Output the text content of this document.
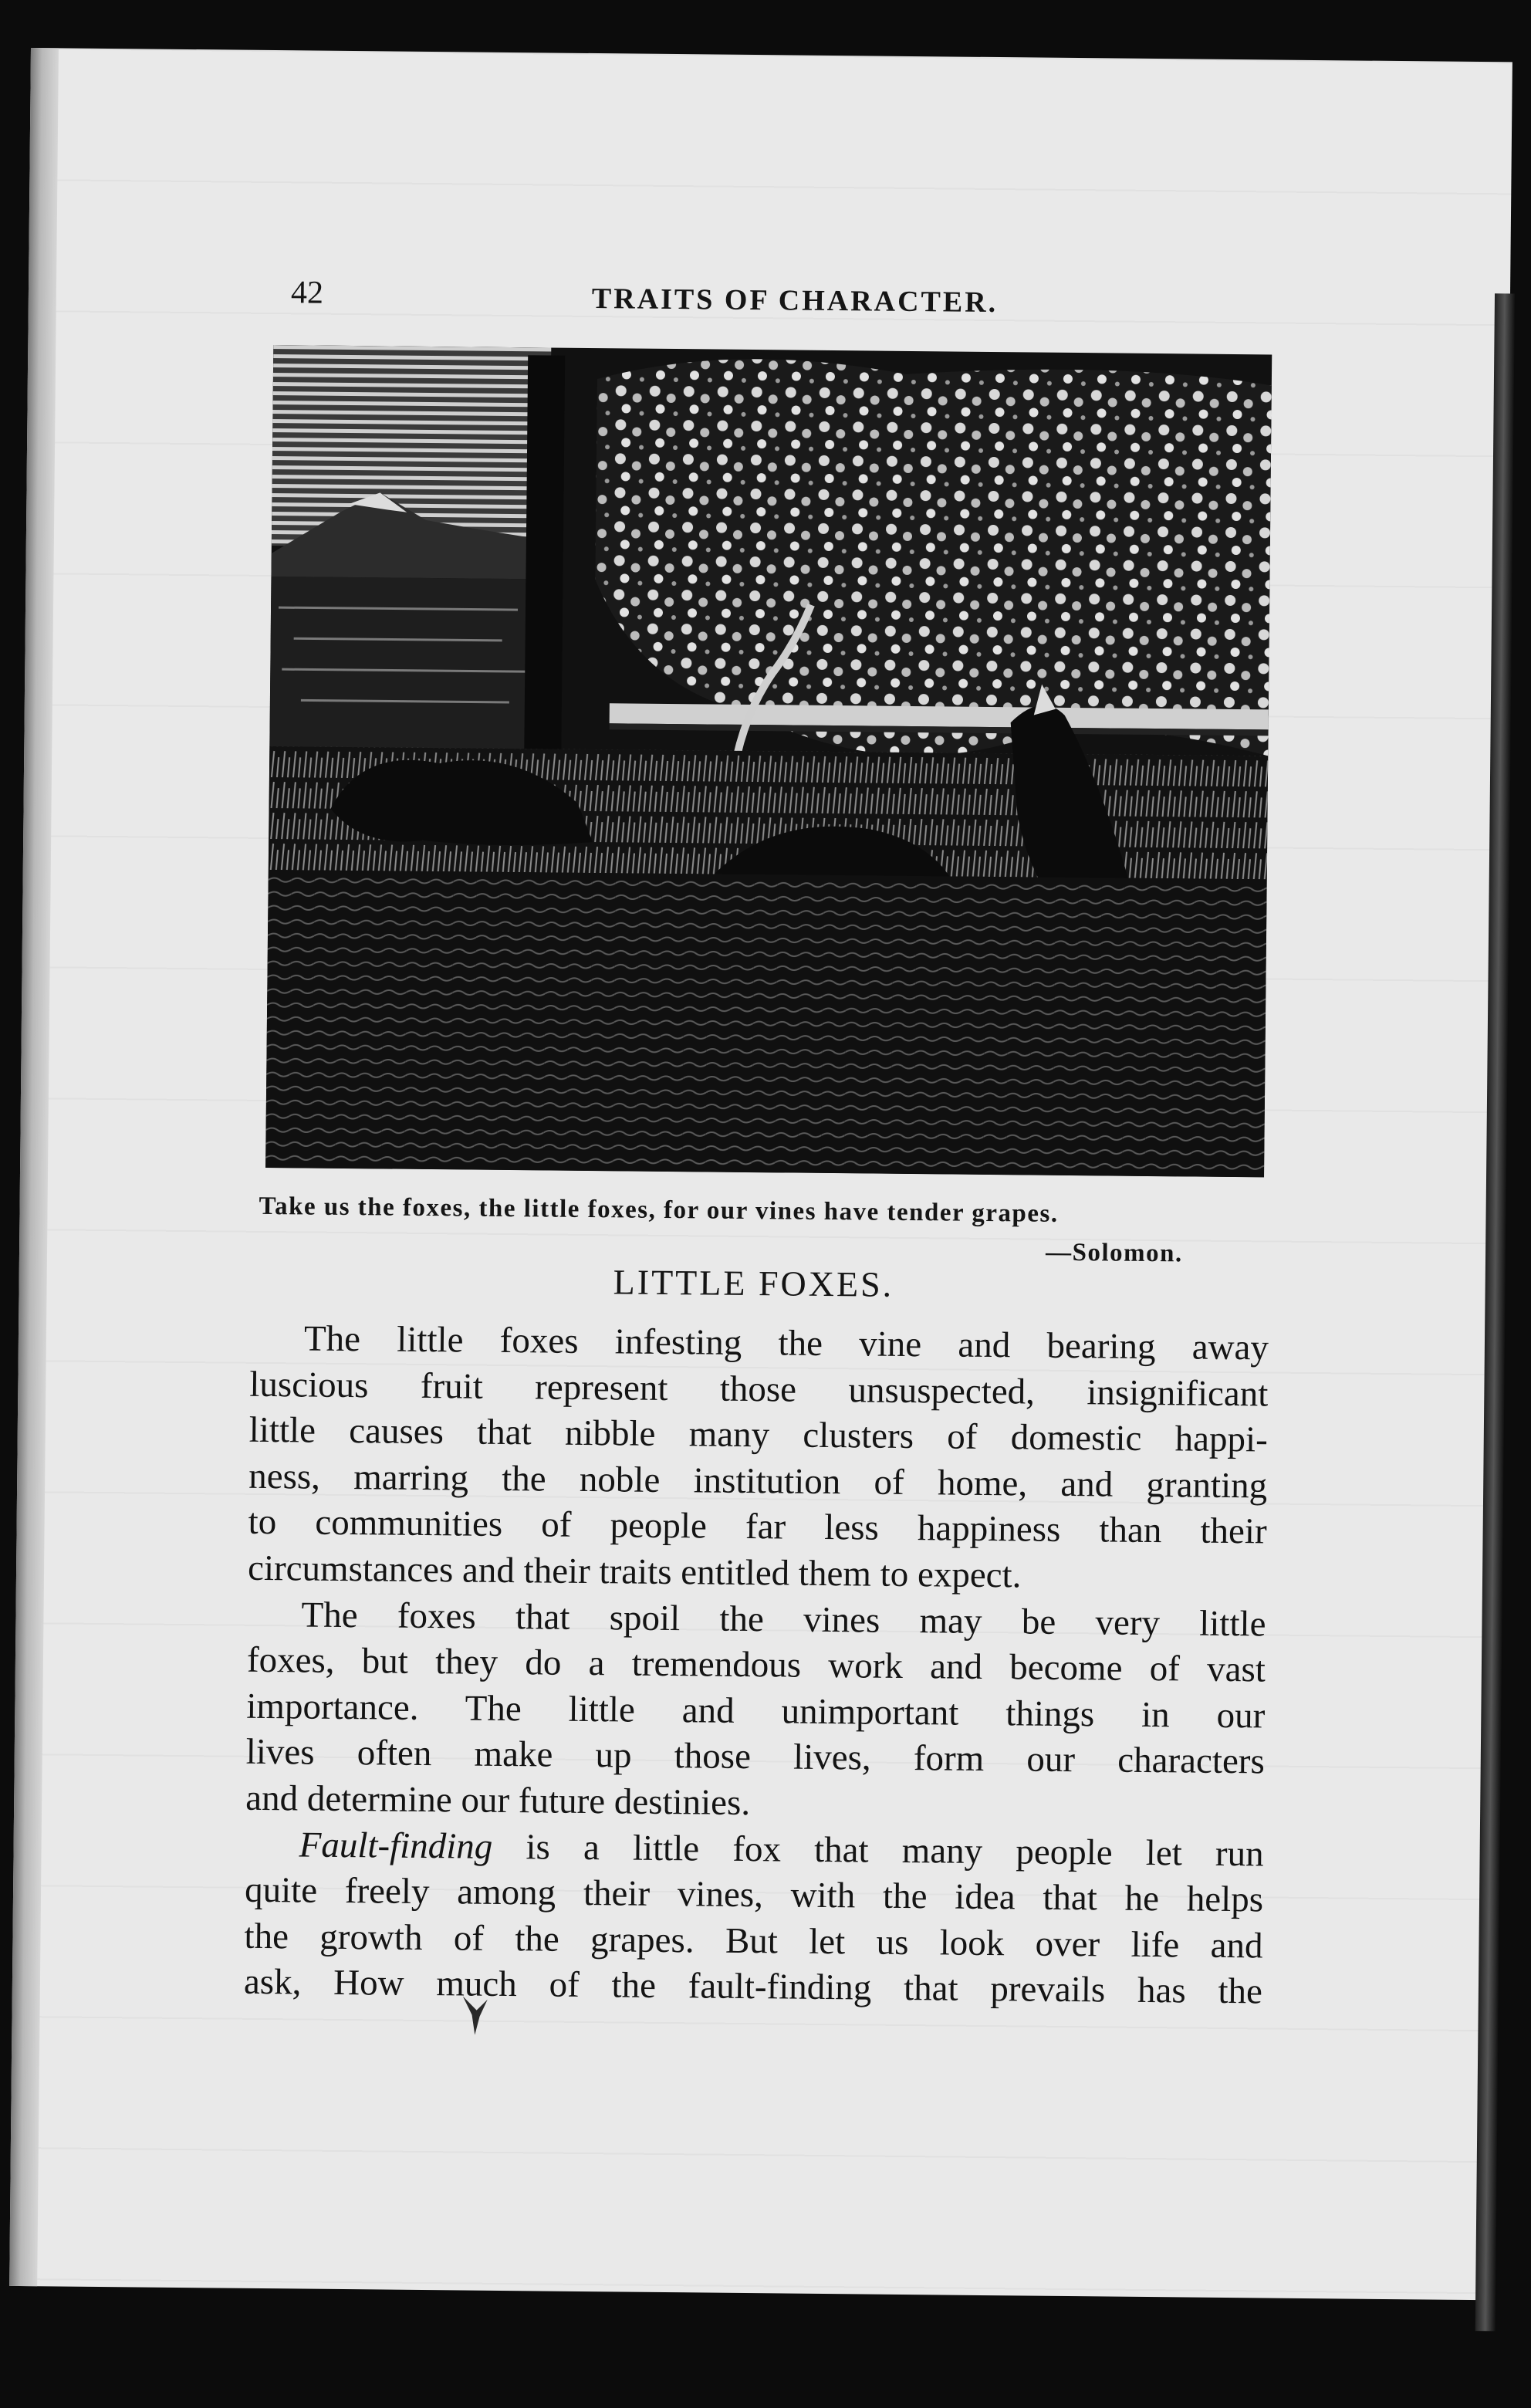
42	TRAITS OF CHARACTER.
Take us the foxes, the little foxes, for our vines have tender grapes.
—Solomon.
LITTLE FOXES.
The little foxes infesting the vine and bearing away
luscious fruit represent those unsuspected, insignificant
little causes that nibble many clusters of domestic happi-
ness, marring the noble institution of home, and granting
to communities of people far less happiness than their
circumstances and their traits entitled them to expect.
The foxes that spoil the vines may be very little
foxes, but they do a tremendous work and become of vast
importance. The little and unimportant things in our
lives often make up those lives, form our characters
and determine our future destinies.
Fault-finding is a little fox that many people let run
quite freely among their vines, with the idea that he helps
the growth of the grapes. But let us look over life and
ask, How much of the fault-finding that prevails has the
